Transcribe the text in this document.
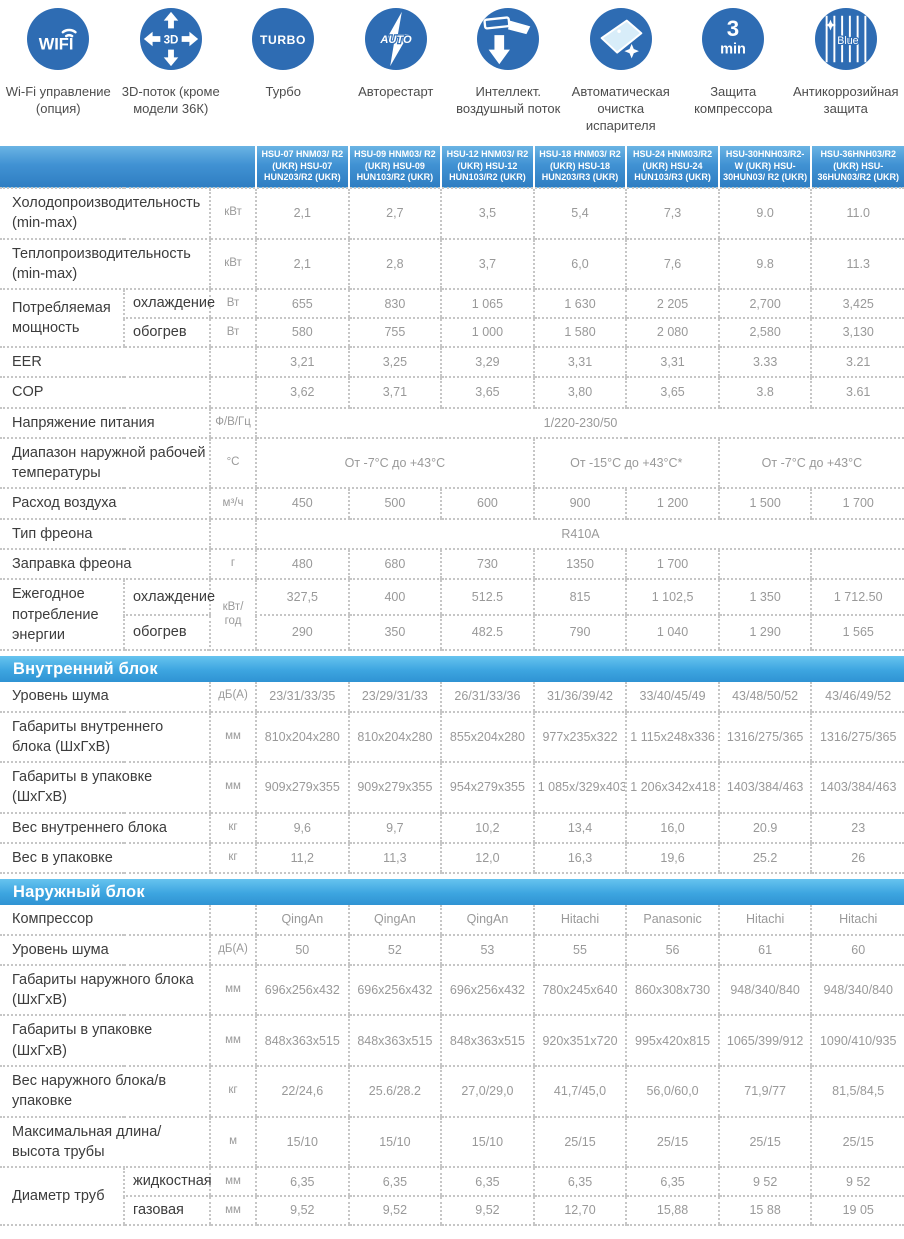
WIFI
Wi-Fi управление (опция)
3D
3D-поток (кроме модели 36К)
TURBO
Турбо
AUTO
Авторестарт	Интеллект. воздушный поток
Автоматическая очистка испарителя
3
min
Защита компрессора
Blue
Антикоррозийная защита
			HSU-07 HNM03/ R2 (UKR) HSU-07 HUN203/R2 (UKR)	HSU-09 HNM03/ R2 (UKR) HSU-09 HUN103/R2 (UKR)	HSU-12 HNM03/ R2 (UKR) HSU-12 HUN103/R2 (UKR)	HSU-18 HNM03/ R2 (UKR) HSU-18 HUN203/R3 (UKR)	HSU-24 HNM03/R2 (UKR) HSU-24 HUN103/R3 (UKR)	HSU-30HNH03/R2-W (UKR) HSU-30HUN03/ R2 (UKR)	HSU-36HNH03/R2 (UKR) HSU-36HUN03/R2 (UKR)
Холодопроизводительность (min-max)		кВт	2,1	2,7	3,5	5,4	7,3	9.0	11.0
Теплопроизводительность (min-max)		кВт	2,1	2,8	3,7	6,0	7,6	9.8	11.3
Потребляемая мощность	охлаждение	Вт	655	830	1 065	1 630	2 205	2,700	3,425
	обогрев	Вт	580	755	1 000	1 580	2 080	2,580	3,130
EER			3,21	3,25	3,29	3,31	3,31	3.33	3.21
COP			3,62	3,71	3,65	3,80	3,65	3.8	3.61
Напряжение питания		Ф/В/Гц	1/220-230/50						
Диапазон наружной рабочей температуры		°C	От -7°C до +43°C			От -15°C до +43°C*		От -7°C до +43°C	
Расход воздуха		м³/ч	450	500	600	900	1 200	1 500	1 700
Тип фреона			R410A						
Заправка фреона		г	480	680	730	1350	1 700		
Ежегодное потребление энергии	охлаждение	кВт/ год	327,5	400	512.5	815	1 102,5	1 350	1 712.50
	обогрев		290	350	482.5	790	1 040	1 290	1 565

Внутренний блок									

Уровень шума		дБ(А)	23/31/33/35	23/29/31/33	26/31/33/36	31/36/39/42	33/40/45/49	43/48/50/52	43/46/49/52
Габариты внутреннего блока (ШхГхВ)		мм	810x204x280	810x204x280	855x204x280	977x235x322	1 115x248x336	1316/275/365	1316/275/365
Габариты в упаковке (ШхГхВ)		мм	909x279x355	909x279x355	954x279x355	1 085x/329x403	1 206x342x418	1403/384/463	1403/384/463
Вес внутреннего блока		кг	9,6	9,7	10,2	13,4	16,0	20.9	23
Вес в упаковке		кг	11,2	11,3	12,0	16,3	19,6	25.2	26

Наружный блок									

Компрессор			QingAn	QingAn	QingAn	Hitachi	Panasonic	Hitachi	Hitachi
Уровень шума		дБ(А)	50	52	53	55	56	61	60
Габариты наружного блока (ШхГхВ)		мм	696x256x432	696x256x432	696x256x432	780x245x640	860x308x730	948/340/840	948/340/840
Габариты в упаковке (ШхГхВ)		мм	848x363x515	848x363x515	848x363x515	920x351x720	995x420x815	1065/399/912	1090/410/935
Вес наружного блока/в упаковке		кг	22/24,6	25.6/28.2	27,0/29,0	41,7/45,0	56,0/60,0	71,9/77	81,5/84,5
Максимальная длина/высота трубы		м	15/10	15/10	15/10	25/15	25/15	25/15	25/15
Диаметр труб	жидкостная	мм	6,35	6,35	6,35	6,35	6,35	9 52	9 52
	газовая	мм	9,52	9,52	9,52	12,70	15,88	15 88	19 05
